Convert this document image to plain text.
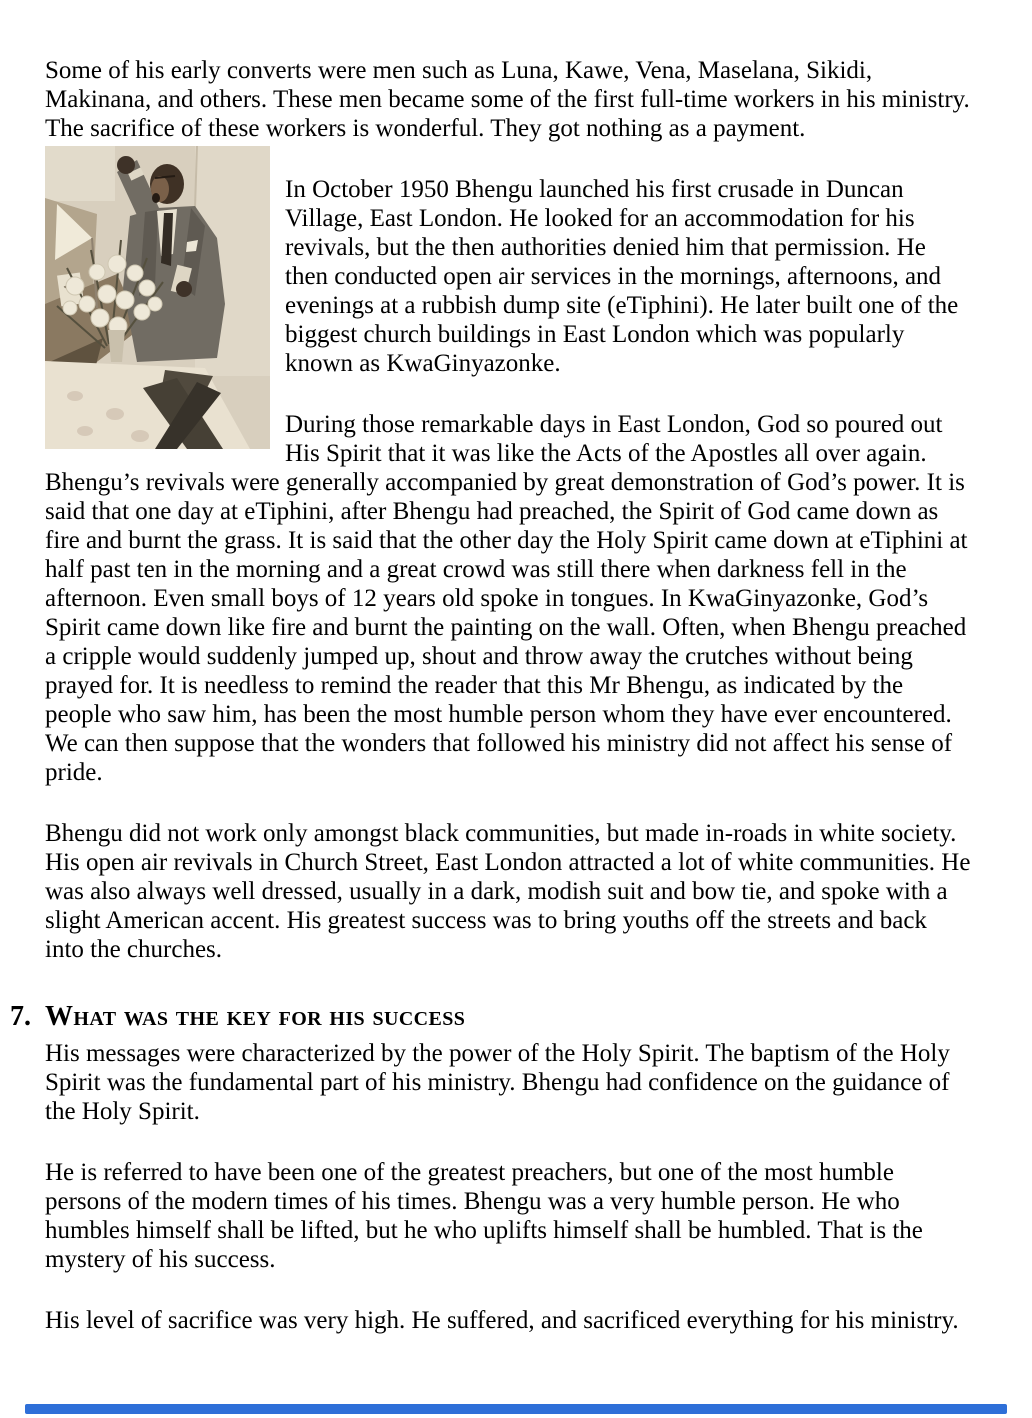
Some of his early converts were men such as Luna, Kawe, Vena, Maselana, Sikidi, Makinana, and others. These men became some of the first full-time workers in his ministry. The sacrifice of these workers is wonderful. They got nothing as a payment.

In October 1950 Bhengu launched his first crusade in Duncan Village, East London. He looked for an accommodation for his revivals, but the then authorities denied him that permission. He then conducted open air services in the mornings, afternoons, and evenings at a rubbish dump site (eTiphini). He later built one of the biggest church buildings in East London which was popularly known as KwaGinyazonke.

During those remarkable days in East London, God so poured out His Spirit that it was like the Acts of the Apostles all over again. Bhengu’s revivals were generally accompanied by great demonstration of God’s power. It is said that one day at eTiphini, after Bhengu had preached, the Spirit of God came down as fire and burnt the grass. It is said that the other day the Holy Spirit came down at eTiphini at half past ten in the morning and a great crowd was still there when darkness fell in the afternoon. Even small boys of 12 years old spoke in tongues. In KwaGinyazonke, God’s Spirit came down like fire and burnt the painting on the wall. Often, when Bhengu preached a cripple would suddenly jumped up, shout and throw away the crutches without being prayed for. It is needless to remind the reader that this Mr Bhengu, as indicated by the people who saw him, has been the most humble person whom they have ever encountered. We can then suppose that the wonders that followed his ministry did not affect his sense of pride.

Bhengu did not work only amongst black communities, but made in-roads in white society. His open air revivals in Church Street, East London attracted a lot of white communities. He was also always well dressed, usually in a dark, modish suit and bow tie, and spoke with a slight American accent. His greatest success was to bring youths off the streets and back into the churches.

7. What was the key for his success

His messages were characterized by the power of the Holy Spirit. The baptism of the Holy Spirit was the fundamental part of his ministry. Bhengu had confidence on the guidance of the Holy Spirit.

He is referred to have been one of the greatest preachers, but one of the most humble persons of the modern times of his times. Bhengu was a very humble person. He who humbles himself shall be lifted, but he who uplifts himself shall be humbled. That is the mystery of his success.

His level of sacrifice was very high. He suffered, and sacrificed everything for his ministry.
